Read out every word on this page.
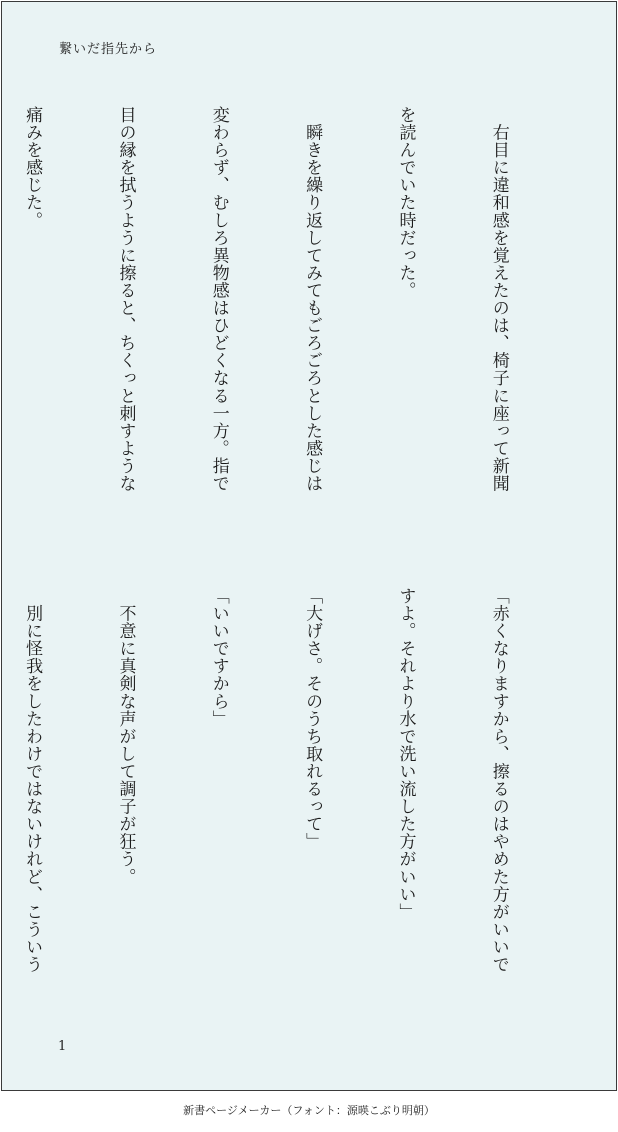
繋いだ指先から

　右目に違和感を覚えたのは、椅子に座って新聞

を読んでいた時だった。

　瞬きを繰り返してみてもごろごろとした感じは

変わらず、むしろ異物感はひどくなる一方。指で

目の縁を拭うように擦ると、ちくっと刺すような

痛みを感じた。

「赤くなりますから、擦るのはやめた方がいいで

すよ。それより水で洗い流した方がいい」

「大げさ。そのうち取れるって」

「いいですから」

　不意に真剣な声がして調子が狂う。

　別に怪我をしたわけではないけれど、こういう

1
新書ページメーカー（フォント：源暎こぶり明朝）
